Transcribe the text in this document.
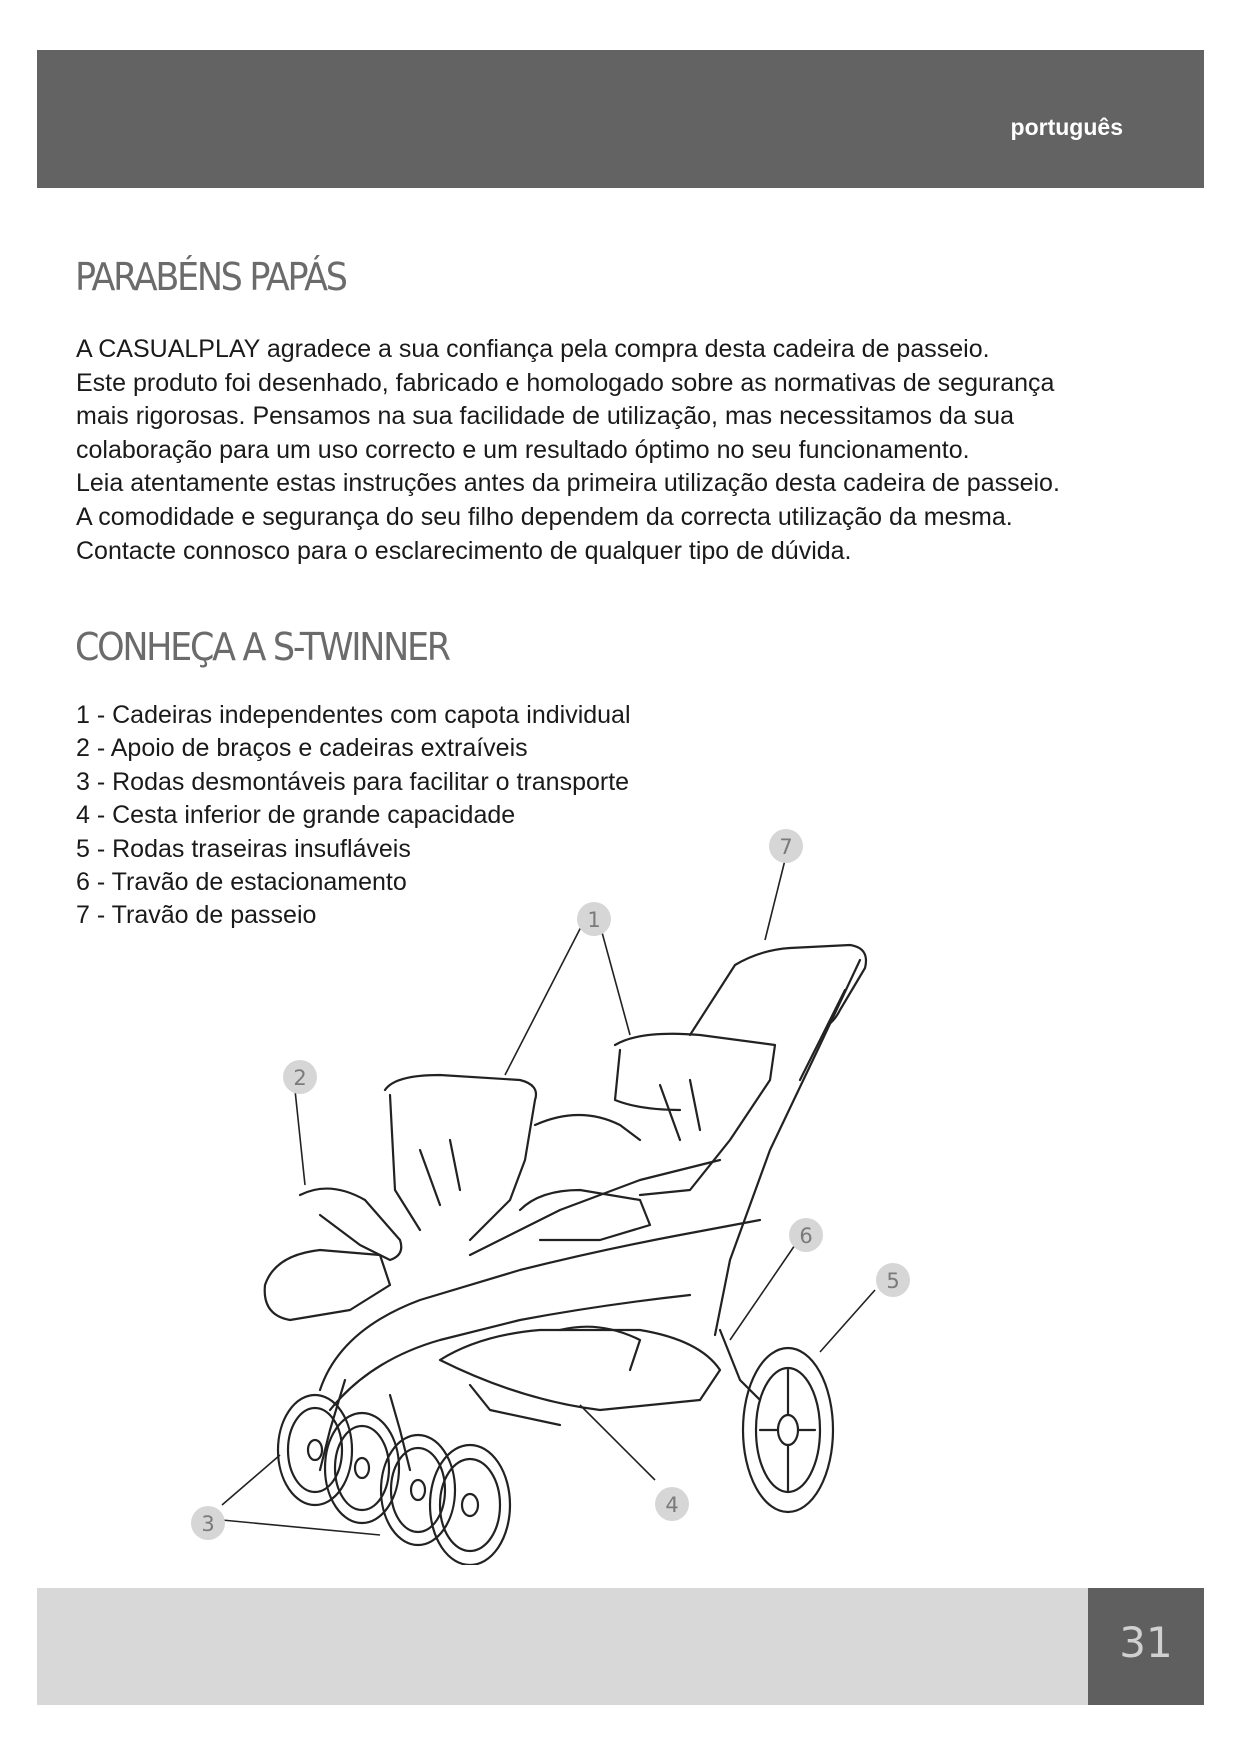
português
PARABÉNS PAPÁS

A CASUALPLAY agradece a sua confiança pela compra desta cadeira de passeio.

Este produto foi desenhado, fabricado e homologado sobre as normativas de segurança

mais rigorosas. Pensamos na sua facilidade de utilização, mas necessitamos da sua

colaboração para um uso correcto e um resultado óptimo no seu funcionamento.

Leia atentamente estas instruções antes da primeira utilização desta cadeira de passeio.

A comodidade e segurança do seu filho dependem da correcta utilização da mesma.

Contacte connosco para o esclarecimento de qualquer tipo de dúvida.

CONHEÇA A S-TWINNER
1 - Cadeiras independentes com capota individual
2 - Apoio de braços e cadeiras extraíveis
3 - Rodas desmontáveis para facilitar o transporte
4 - Cesta inferior de grande capacidade
5 - Rodas traseiras insufláveis
6 - Travão de estacionamento
7 - Travão de passeio
7
1
2
6
5
4
3
31
